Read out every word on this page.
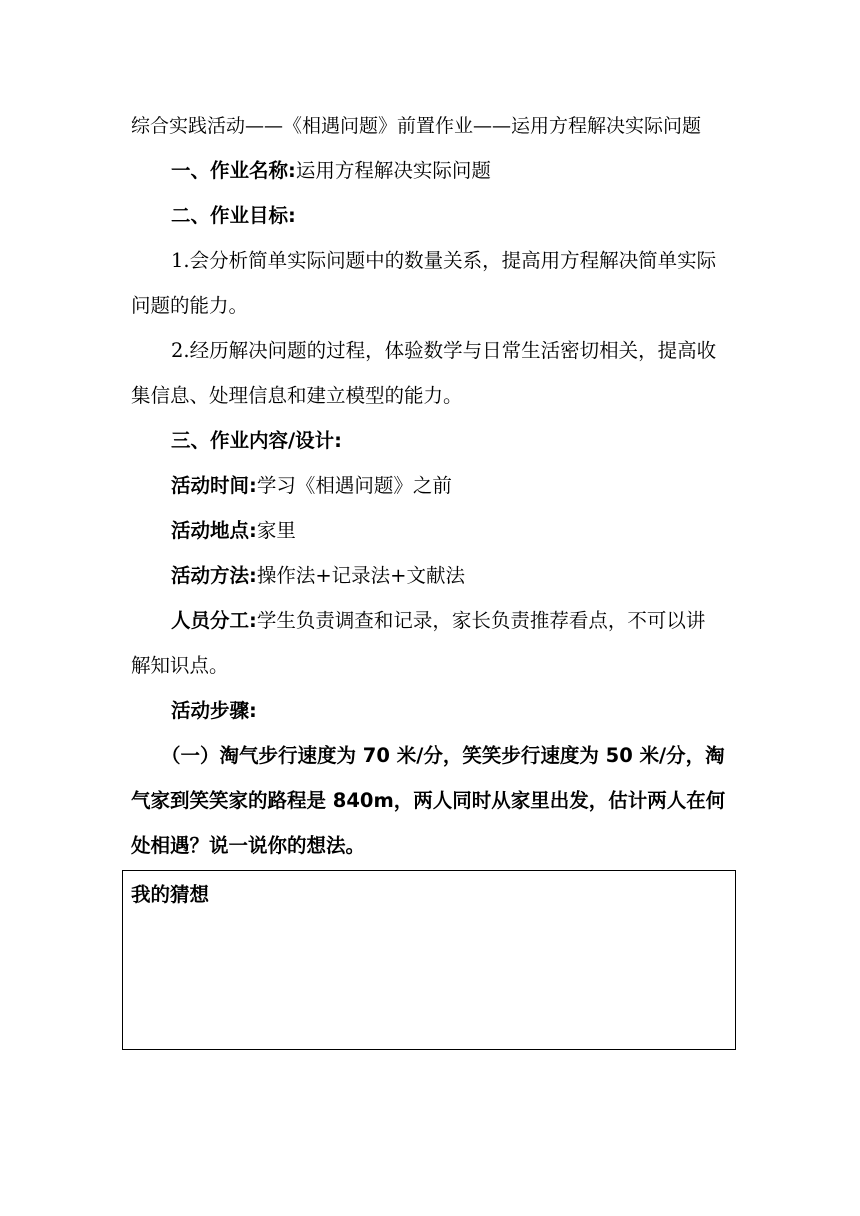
综合实践活动——《相遇问题》前置作业——运用方程解决实际问题
一、作业名称:运用方程解决实际问题
二、作业目标:
1.会分析简单实际问题中的数量关系，提高用方程解决简单实际
问题的能力。
2.经历解决问题的过程，体验数学与日常生活密切相关，提高收
集信息、处理信息和建立模型的能力。
三、作业内容/设计:
活动时间:学习《相遇问题》之前
活动地点:家里
活动方法:操作法+记录法+文献法
人员分工:学生负责调查和记录，家长负责推荐看点，不可以讲
解知识点。
活动步骤:
（一）淘气步行速度为 70 米/分，笑笑步行速度为 50 米/分，淘
气家到笑笑家的路程是 840m，两人同时从家里出发，估计两人在何
处相遇？说一说你的想法。
我的猜想
